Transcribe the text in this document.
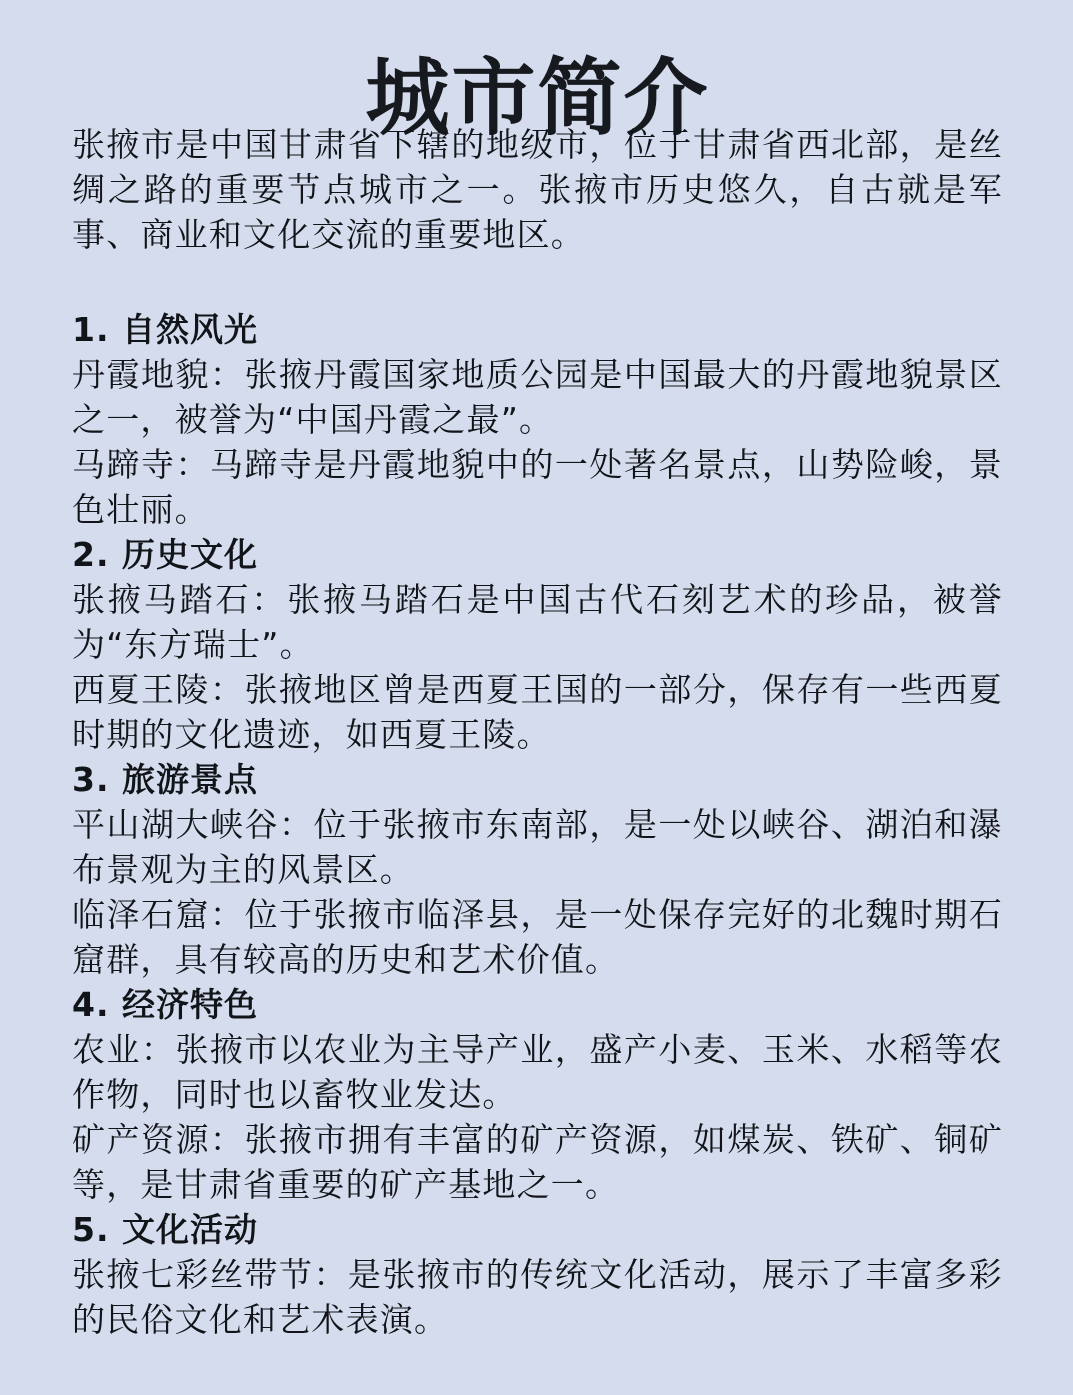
城市简介

张掖市是中国甘肃省下辖的地级市，位于甘肃省西北部，是丝绸之路的重要节点城市之一。张掖市历史悠久，自古就是军事、商业和文化交流的重要地区。

1. 自然风光

丹霞地貌：张掖丹霞国家地质公园是中国最大的丹霞地貌景区之一，被誉为“中国丹霞之最”。

马蹄寺：马蹄寺是丹霞地貌中的一处著名景点，山势险峻，景色壮丽。

2. 历史文化

张掖马踏石：张掖马踏石是中国古代石刻艺术的珍品，被誉为“东方瑞士”。

西夏王陵：张掖地区曾是西夏王国的一部分，保存有一些西夏时期的文化遗迹，如西夏王陵。

3. 旅游景点

平山湖大峡谷：位于张掖市东南部，是一处以峡谷、湖泊和瀑布景观为主的风景区。

临泽石窟：位于张掖市临泽县，是一处保存完好的北魏时期石窟群，具有较高的历史和艺术价值。

4. 经济特色

农业：张掖市以农业为主导产业，盛产小麦、玉米、水稻等农作物，同时也以畜牧业发达。

矿产资源：张掖市拥有丰富的矿产资源，如煤炭、铁矿、铜矿等，是甘肃省重要的矿产基地之一。

5. 文化活动

张掖七彩丝带节：是张掖市的传统文化活动，展示了丰富多彩的民俗文化和艺术表演。
